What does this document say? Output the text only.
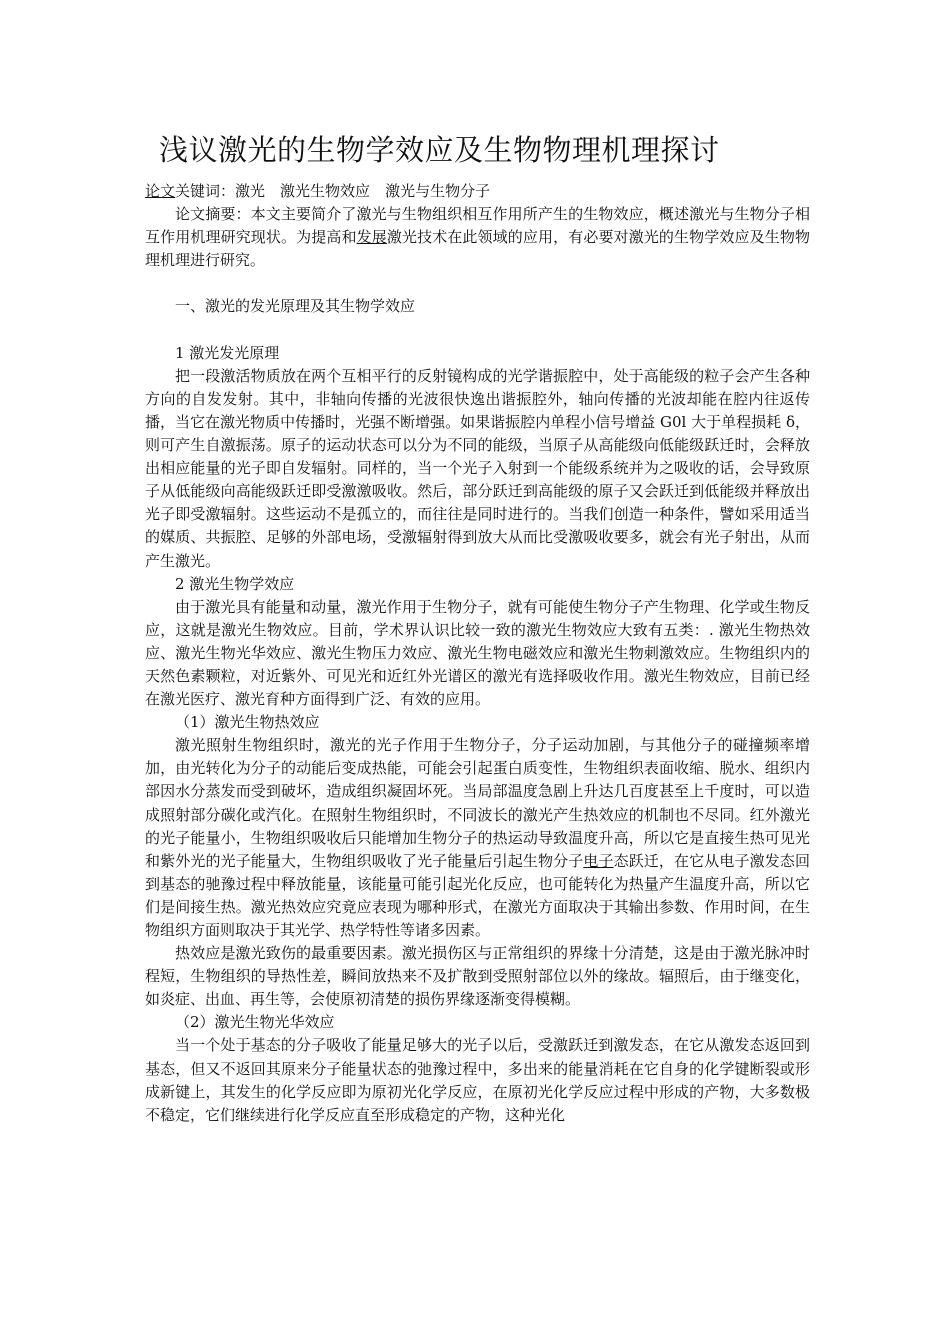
浅议激光的生物学效应及生物物理机理探讨

论文关键词：激光 激光生物效应 激光与生物分子

论文摘要：本文主要简介了激光与生物组织相互作用所产生的生物效应，概述激光与生物分子相互作用机理研究现状。为提高和发展激光技术在此领域的应用，有必要对激光的生物学效应及生物物理机理进行研究。

一、激光的发光原理及其生物学效应

1 激光发光原理

把一段激活物质放在两个互相平行的反射镜构成的光学谐振腔中，处于高能级的粒子会产生各种方向的自发发射。其中，非轴向传播的光波很快逸出谐振腔外，轴向传播的光波却能在腔内往返传播，当它在激光物质中传播时，光强不断增强。如果谐振腔内单程小信号增益 G0l 大于单程损耗 δ，则可产生自激振荡。原子的运动状态可以分为不同的能级，当原子从高能级向低能级跃迁时，会释放出相应能量的光子即自发辐射。同样的，当一个光子入射到一个能级系统并为之吸收的话，会导致原子从低能级向高能级跃迁即受激激吸收。然后，部分跃迁到高能级的原子又会跃迁到低能级并释放出光子即受激辐射。这些运动不是孤立的，而往往是同时进行的。当我们创造一种条件，譬如采用适当的媒质、共振腔、足够的外部电场，受激辐射得到放大从而比受激吸收要多，就会有光子射出，从而产生激光。

2 激光生物学效应

由于激光具有能量和动量，激光作用于生物分子，就有可能使生物分子产生物理、化学或生物反应，这就是激光生物效应。目前，学术界认识比较一致的激光生物效应大致有五类：. 激光生物热效应、激光生物光华效应、激光生物压力效应、激光生物电磁效应和激光生物刺激效应。生物组织内的天然色素颗粒，对近紫外、可见光和近红外光谱区的激光有选择吸收作用。激光生物效应，目前已经在激光医疗、激光育种方面得到广泛、有效的应用。

（1）激光生物热效应

激光照射生物组织时，激光的光子作用于生物分子，分子运动加剧，与其他分子的碰撞频率增加，由光转化为分子的动能后变成热能，可能会引起蛋白质变性，生物组织表面收缩、脱水、组织内部因水分蒸发而受到破坏，造成组织凝固坏死。当局部温度急剧上升达几百度甚至上千度时，可以造成照射部分碳化或汽化。在照射生物组织时，不同波长的激光产生热效应的机制也不尽同。红外激光的光子能量小，生物组织吸收后只能增加生物分子的热运动导致温度升高，所以它是直接生热可见光和紫外光的光子能量大，生物组织吸收了光子能量后引起生物分子电子态跃迁，在它从电子激发态回到基态的驰豫过程中释放能量，该能量可能引起光化反应，也可能转化为热量产生温度升高，所以它们是间接生热。激光热效应究竟应表现为哪种形式，在激光方面取决于其输出参数、作用时间，在生物组织方面则取决于其光学、热学特性等诸多因素。

热效应是激光致伤的最重要因素。激光损伤区与正常组织的界缘十分清楚，这是由于激光脉冲时程短，生物组织的导热性差，瞬间放热来不及扩散到受照射部位以外的缘故。辐照后，由于继变化，如炎症、出血、再生等，会使原初清楚的损伤界缘逐渐变得模糊。

（2）激光生物光华效应

当一个处于基态的分子吸收了能量足够大的光子以后，受激跃迁到激发态，在它从激发态返回到基态，但又不返回其原来分子能量状态的弛豫过程中，多出来的能量消耗在它自身的化学键断裂或形成新键上，其发生的化学反应即为原初光化学反应，在原初光化学反应过程中形成的产物，大多数极不稳定，它们继续进行化学反应直至形成稳定的产物，这种光化
